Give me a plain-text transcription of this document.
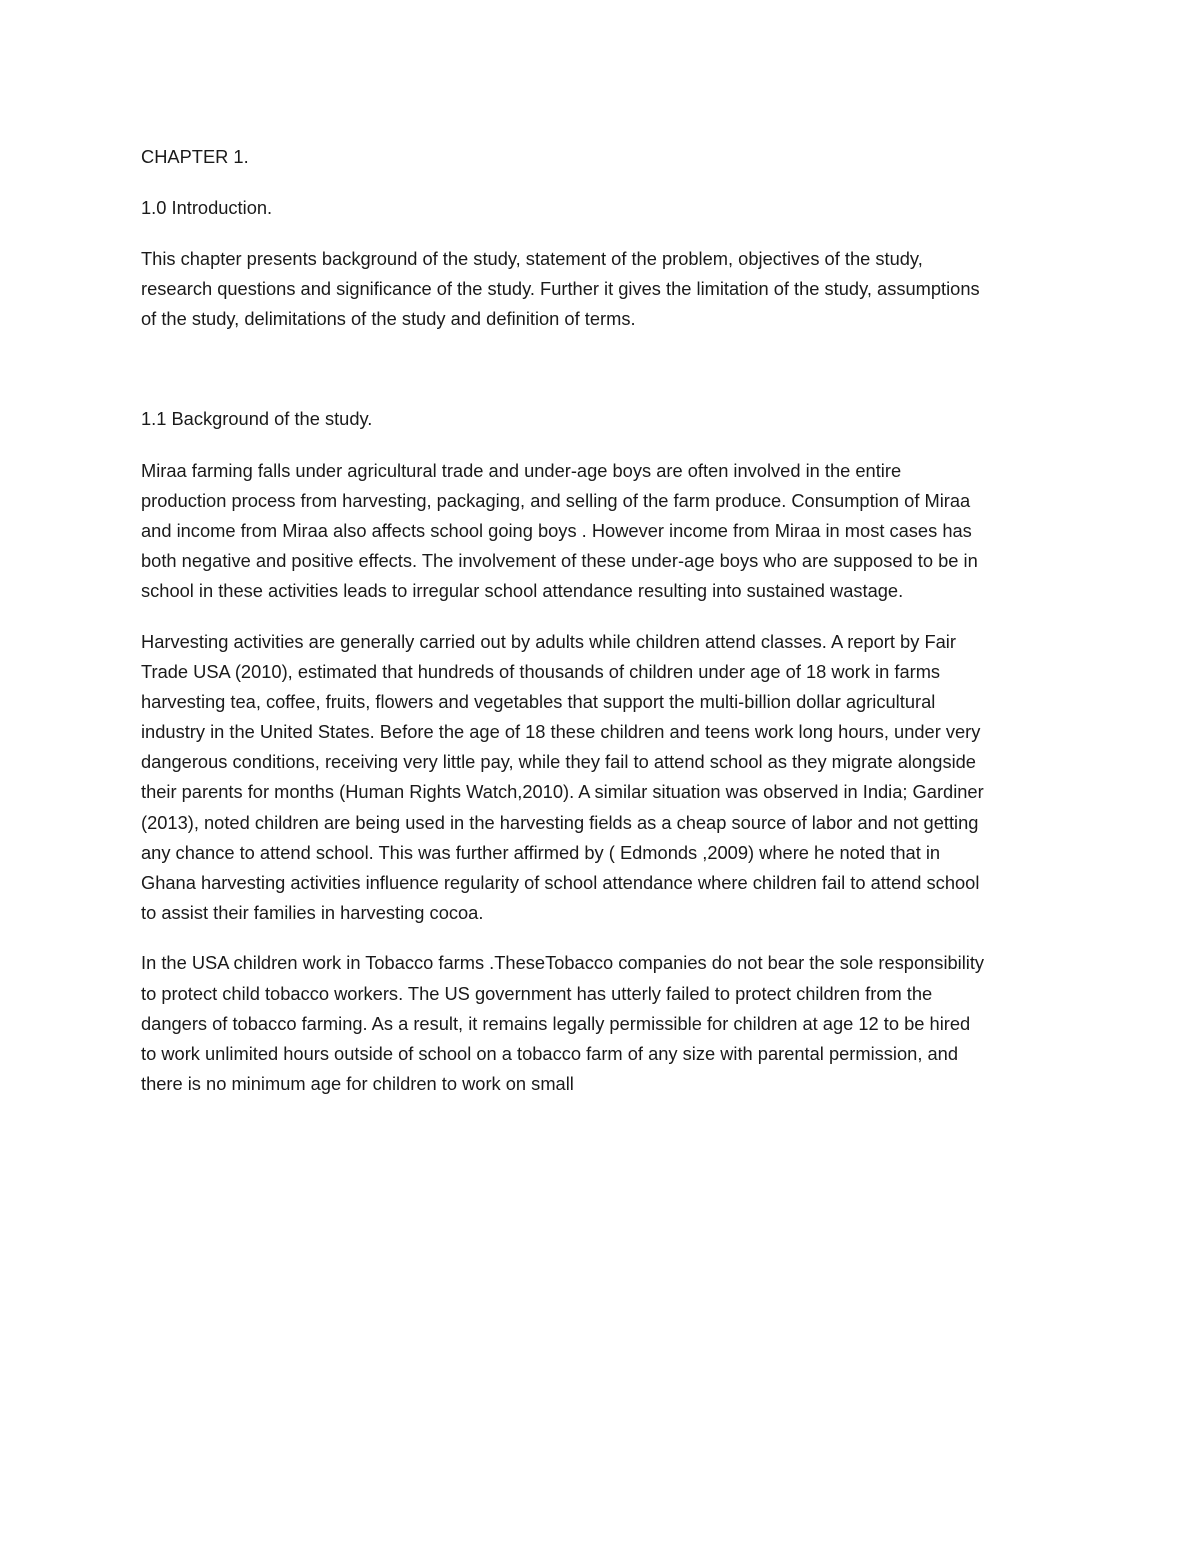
CHAPTER 1.

1.0 Introduction.

This chapter presents background of the study, statement of the problem, objectives of the study,
research questions and significance of the study. Further it gives the limitation of the study, assumptions
of the study, delimitations of the study and definition of terms.

1.1 Background of the study.

Miraa farming falls under agricultural trade and under-age boys are often involved in the entire
production process from harvesting, packaging, and selling of the farm produce. Consumption of Miraa
and income from Miraa also affects school going boys . However income from Miraa in most cases has
both negative and positive effects. The involvement of these under-age boys who are supposed to be in
school in these activities leads to irregular school attendance resulting into sustained wastage.

Harvesting activities are generally carried out by adults while children attend classes. A report by Fair
Trade USA (2010), estimated that hundreds of thousands of children under age of 18 work in farms
harvesting tea, coffee, fruits, flowers and vegetables that support the multi-billion dollar agricultural
industry in the United States. Before the age of 18 these children and teens work long hours, under very
dangerous conditions, receiving very little pay, while they fail to attend school as they migrate alongside
their parents for months (Human Rights Watch,2010). A similar situation was observed in India; Gardiner
(2013), noted children are being used in the harvesting fields as a cheap source of labor and not getting
any chance to attend school. This was further affirmed by ( Edmonds ,2009) where he noted that in
Ghana harvesting activities influence regularity of school attendance where children fail to attend school
to assist their families in harvesting cocoa.

In the USA children work in Tobacco farms .TheseTobacco companies do not bear the sole responsibility
to protect child tobacco workers. The US government has utterly failed to protect children from the
dangers of tobacco farming. As a result, it remains legally permissible for children at age 12 to be hired
to work unlimited hours outside of school on a tobacco farm of any size with parental permission, and
there is no minimum age for children to work on small
